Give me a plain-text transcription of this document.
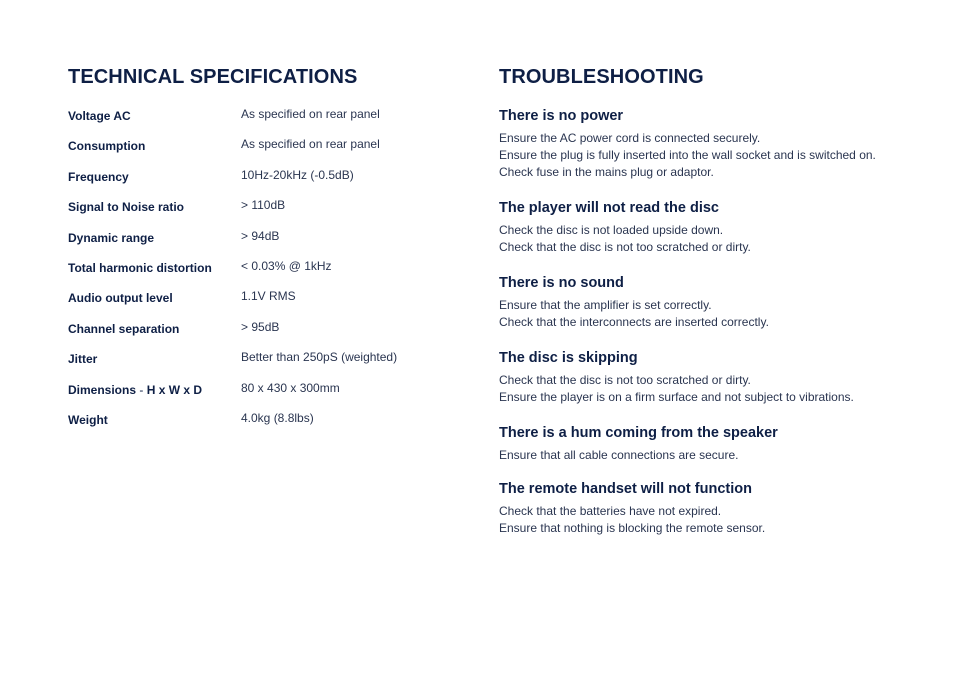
TECHNICAL SPECIFICATIONS
Voltage AC	As specified on rear panel
Consumption	As specified on rear panel
Frequency	10Hz-20kHz (-0.5dB)
Signal to Noise ratio	> 110dB
Dynamic range	> 94dB
Total harmonic distortion	< 0.03% @ 1kHz
Audio output level	1.1V RMS
Channel separation	> 95dB
Jitter	Better than 250pS (weighted)
Dimensions - H x W x D	80 x 430 x 300mm
Weight	4.0kg (8.8lbs)
TROUBLESHOOTING
There is no power
Ensure the AC power cord is connected securely.
Ensure the plug is fully inserted into the wall socket and is switched on.
Check fuse in the mains plug or adaptor.
The player will not read the disc
Check the disc is not loaded upside down.
Check that the disc is not too scratched or dirty.
There is no sound
Ensure that the amplifier is set correctly.
Check that the interconnects are inserted correctly.
The disc is skipping
Check that the disc is not too scratched or dirty.
Ensure the player is on a firm surface and not subject to vibrations.
There is a hum coming from the speaker
Ensure that all cable connections are secure.
The remote handset will not function
Check that the batteries have not expired.
Ensure that nothing is blocking the remote sensor.
